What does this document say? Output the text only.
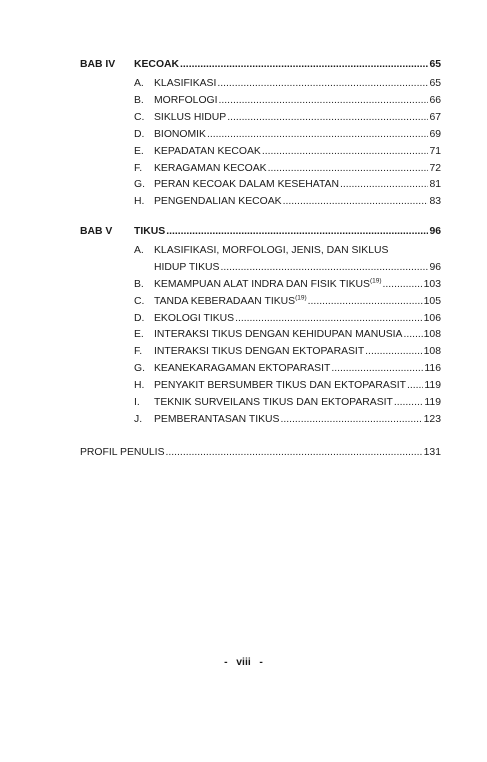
BAB IV KECOAK .....	65
A. KLASIFIKASI .....	65
B. MORFOLOGI .....	66
C. SIKLUS HIDUP .....	67
D. BIONOMIK .....	69
E. KEPADATAN KECOAK .....	71
F. KERAGAMAN KECOAK .....	72
G. PERAN KECOAK DALAM KESEHATAN .....	81
H. PENGENDALIAN KECOAK .....	83
BAB V TIKUS .....	96
A. KLASIFIKASI, MORFOLOGI, JENIS, DAN SIKLUS
HIDUP TIKUS .....	96
B. KEMAMPUAN ALAT INDRA DAN FISIK TIKUS$^{(19)}$ .....	103
C. TANDA KEBERADAAN TIKUS$^{(19)}$ .....	105
D. EKOLOGI TIKUS .....	106
E. INTERAKSI TIKUS DENGAN KEHIDUPAN MANUSIA ..... 108
F. INTERAKSI TIKUS DENGAN EKTOPARASIT .....	108
G. KEANEKARAGAMAN EKTOPARASIT .....	116
H. PENYAKIT BERSUMBER TIKUS DAN EKTOPARASIT ..... 119
I. TEKNIK SURVEILANS TIKUS DAN EKTOPARASIT .....	119
J. PEMBERANTASAN TIKUS .....	123
PROFIL PENULIS .....	131
-   viii   -
